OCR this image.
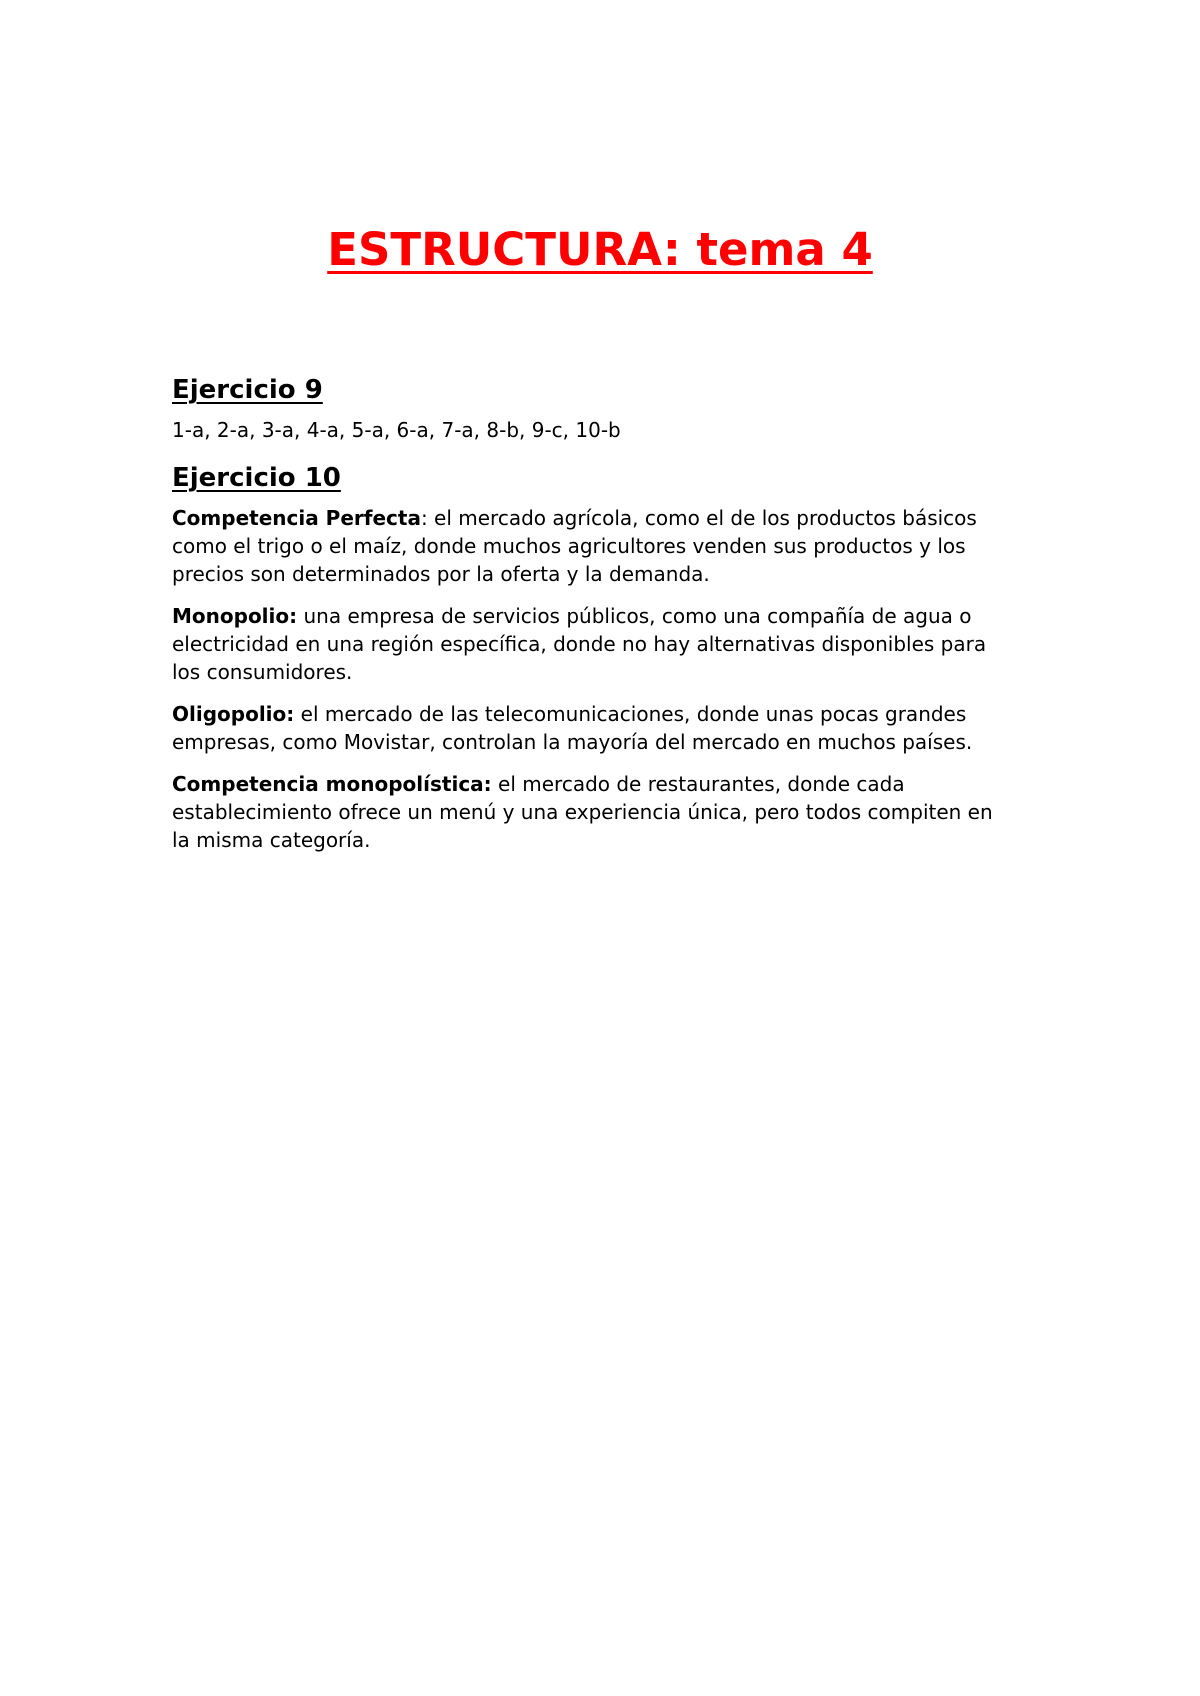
ESTRUCTURA: tema 4
Ejercicio 9

1-a, 2-a, 3-a, 4-a, 5-a, 6-a, 7-a, 8-b, 9-c, 10-b

Ejercicio 10

Competencia Perfecta: el mercado agrícola, como el de los productos básicos como el trigo o el maíz, donde muchos agricultores venden sus productos y los precios son determinados por la oferta y la demanda.

Monopolio: una empresa de servicios públicos, como una compañía de agua o electricidad en una región específica, donde no hay alternativas disponibles para los consumidores.

Oligopolio: el mercado de las telecomunicaciones, donde unas pocas grandes empresas, como Movistar, controlan la mayoría del mercado en muchos países.

Competencia monopolística: el mercado de restaurantes, donde cada establecimiento ofrece un menú y una experiencia única, pero todos compiten en la misma categoría.
